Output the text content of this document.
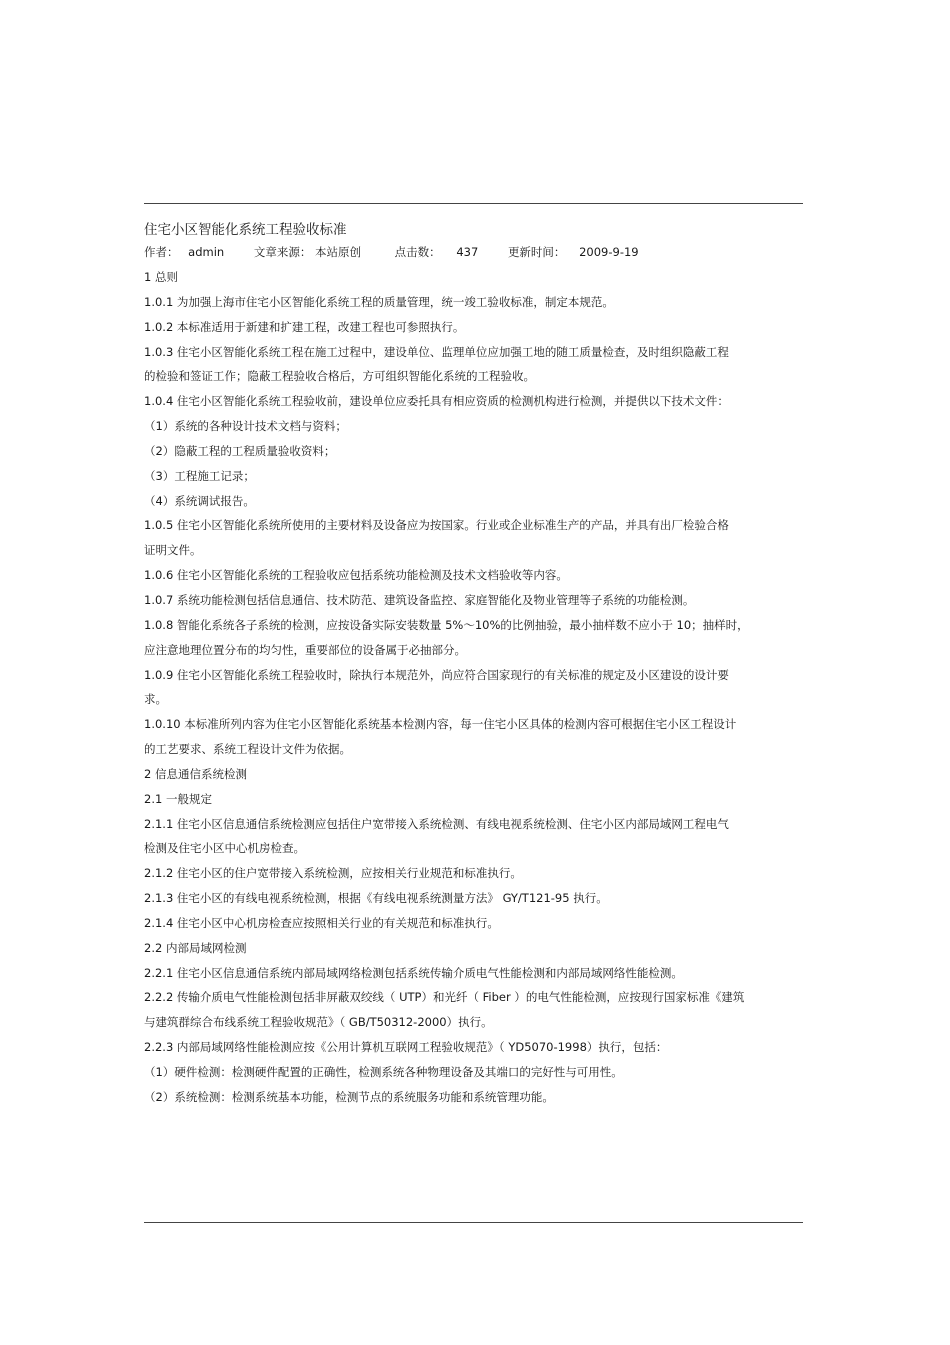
住宅小区智能化系统工程验收标准
作者： admin	文章来源： 本站原创	点击数： 437	更新时间： 2009-9-19
1 总则
1.0.1 为加强上海市住宅小区智能化系统工程的质量管理，统一竣工验收标准，制定本规范。
1.0.2 本标准适用于新建和扩建工程，改建工程也可参照执行。
1.0.3 住宅小区智能化系统工程在施工过程中，建设单位、监理单位应加强工地的随工质量检查，及时组织隐蔽工程
的检验和签证工作；隐蔽工程验收合格后，方可组织智能化系统的工程验收。
1.0.4 住宅小区智能化系统工程验收前，建设单位应委托具有相应资质的检测机构进行检测，并提供以下技术文件：
（1）系统的各种设计技术文档与资料；
（2）隐蔽工程的工程质量验收资料；
（3）工程施工记录；
（4）系统调试报告。
1.0.5 住宅小区智能化系统所使用的主要材料及设备应为按国家。行业或企业标准生产的产品，并具有出厂检验合格
证明文件。
1.0.6 住宅小区智能化系统的工程验收应包括系统功能检测及技术文档验收等内容。
1.0.7 系统功能检测包括信息通信、技术防范、建筑设备监控、家庭智能化及物业管理等子系统的功能检测。
1.0.8 智能化系统各子系统的检测，应按设备实际安装数量 5%～10%的比例抽验，最小抽样数不应小于 10；抽样时，
应注意地理位置分布的均匀性，重要部位的设备属于必抽部分。
1.0.9 住宅小区智能化系统工程验收时，除执行本规范外，尚应符合国家现行的有关标准的规定及小区建设的设计要
求。
1.0.10 本标准所列内容为住宅小区智能化系统基本检测内容，每一住宅小区具体的检测内容可根据住宅小区工程设计
的工艺要求、系统工程设计文件为依据。
2 信息通信系统检测
2.1 一般规定
2.1.1 住宅小区信息通信系统检测应包括住户宽带接入系统检测、有线电视系统检测、住宅小区内部局域网工程电气
检测及住宅小区中心机房检查。
2.1.2 住宅小区的住户宽带接入系统检测，应按相关行业规范和标准执行。
2.1.3 住宅小区的有线电视系统检测，根据《有线电视系统测量方法》 GY/T121-95 执行。
2.1.4 住宅小区中心机房检查应按照相关行业的有关规范和标准执行。
2.2 内部局域网检测
2.2.1 住宅小区信息通信系统内部局域网络检测包括系统传输介质电气性能检测和内部局域网络性能检测。
2.2.2 传输介质电气性能检测包括非屏蔽双绞线（ UTP）和光纤（ Fiber ）的电气性能检测，应按现行国家标准《建筑
与建筑群综合布线系统工程验收规范》（ GB/T50312-2000）执行。
2.2.3 内部局域网络性能检测应按《公用计算机互联网工程验收规范》（ YD5070-1998）执行，包括：
（1）硬件检测：检测硬件配置的正确性，检测系统各种物理设备及其端口的完好性与可用性。
（2）系统检测：检测系统基本功能，检测节点的系统服务功能和系统管理功能。
